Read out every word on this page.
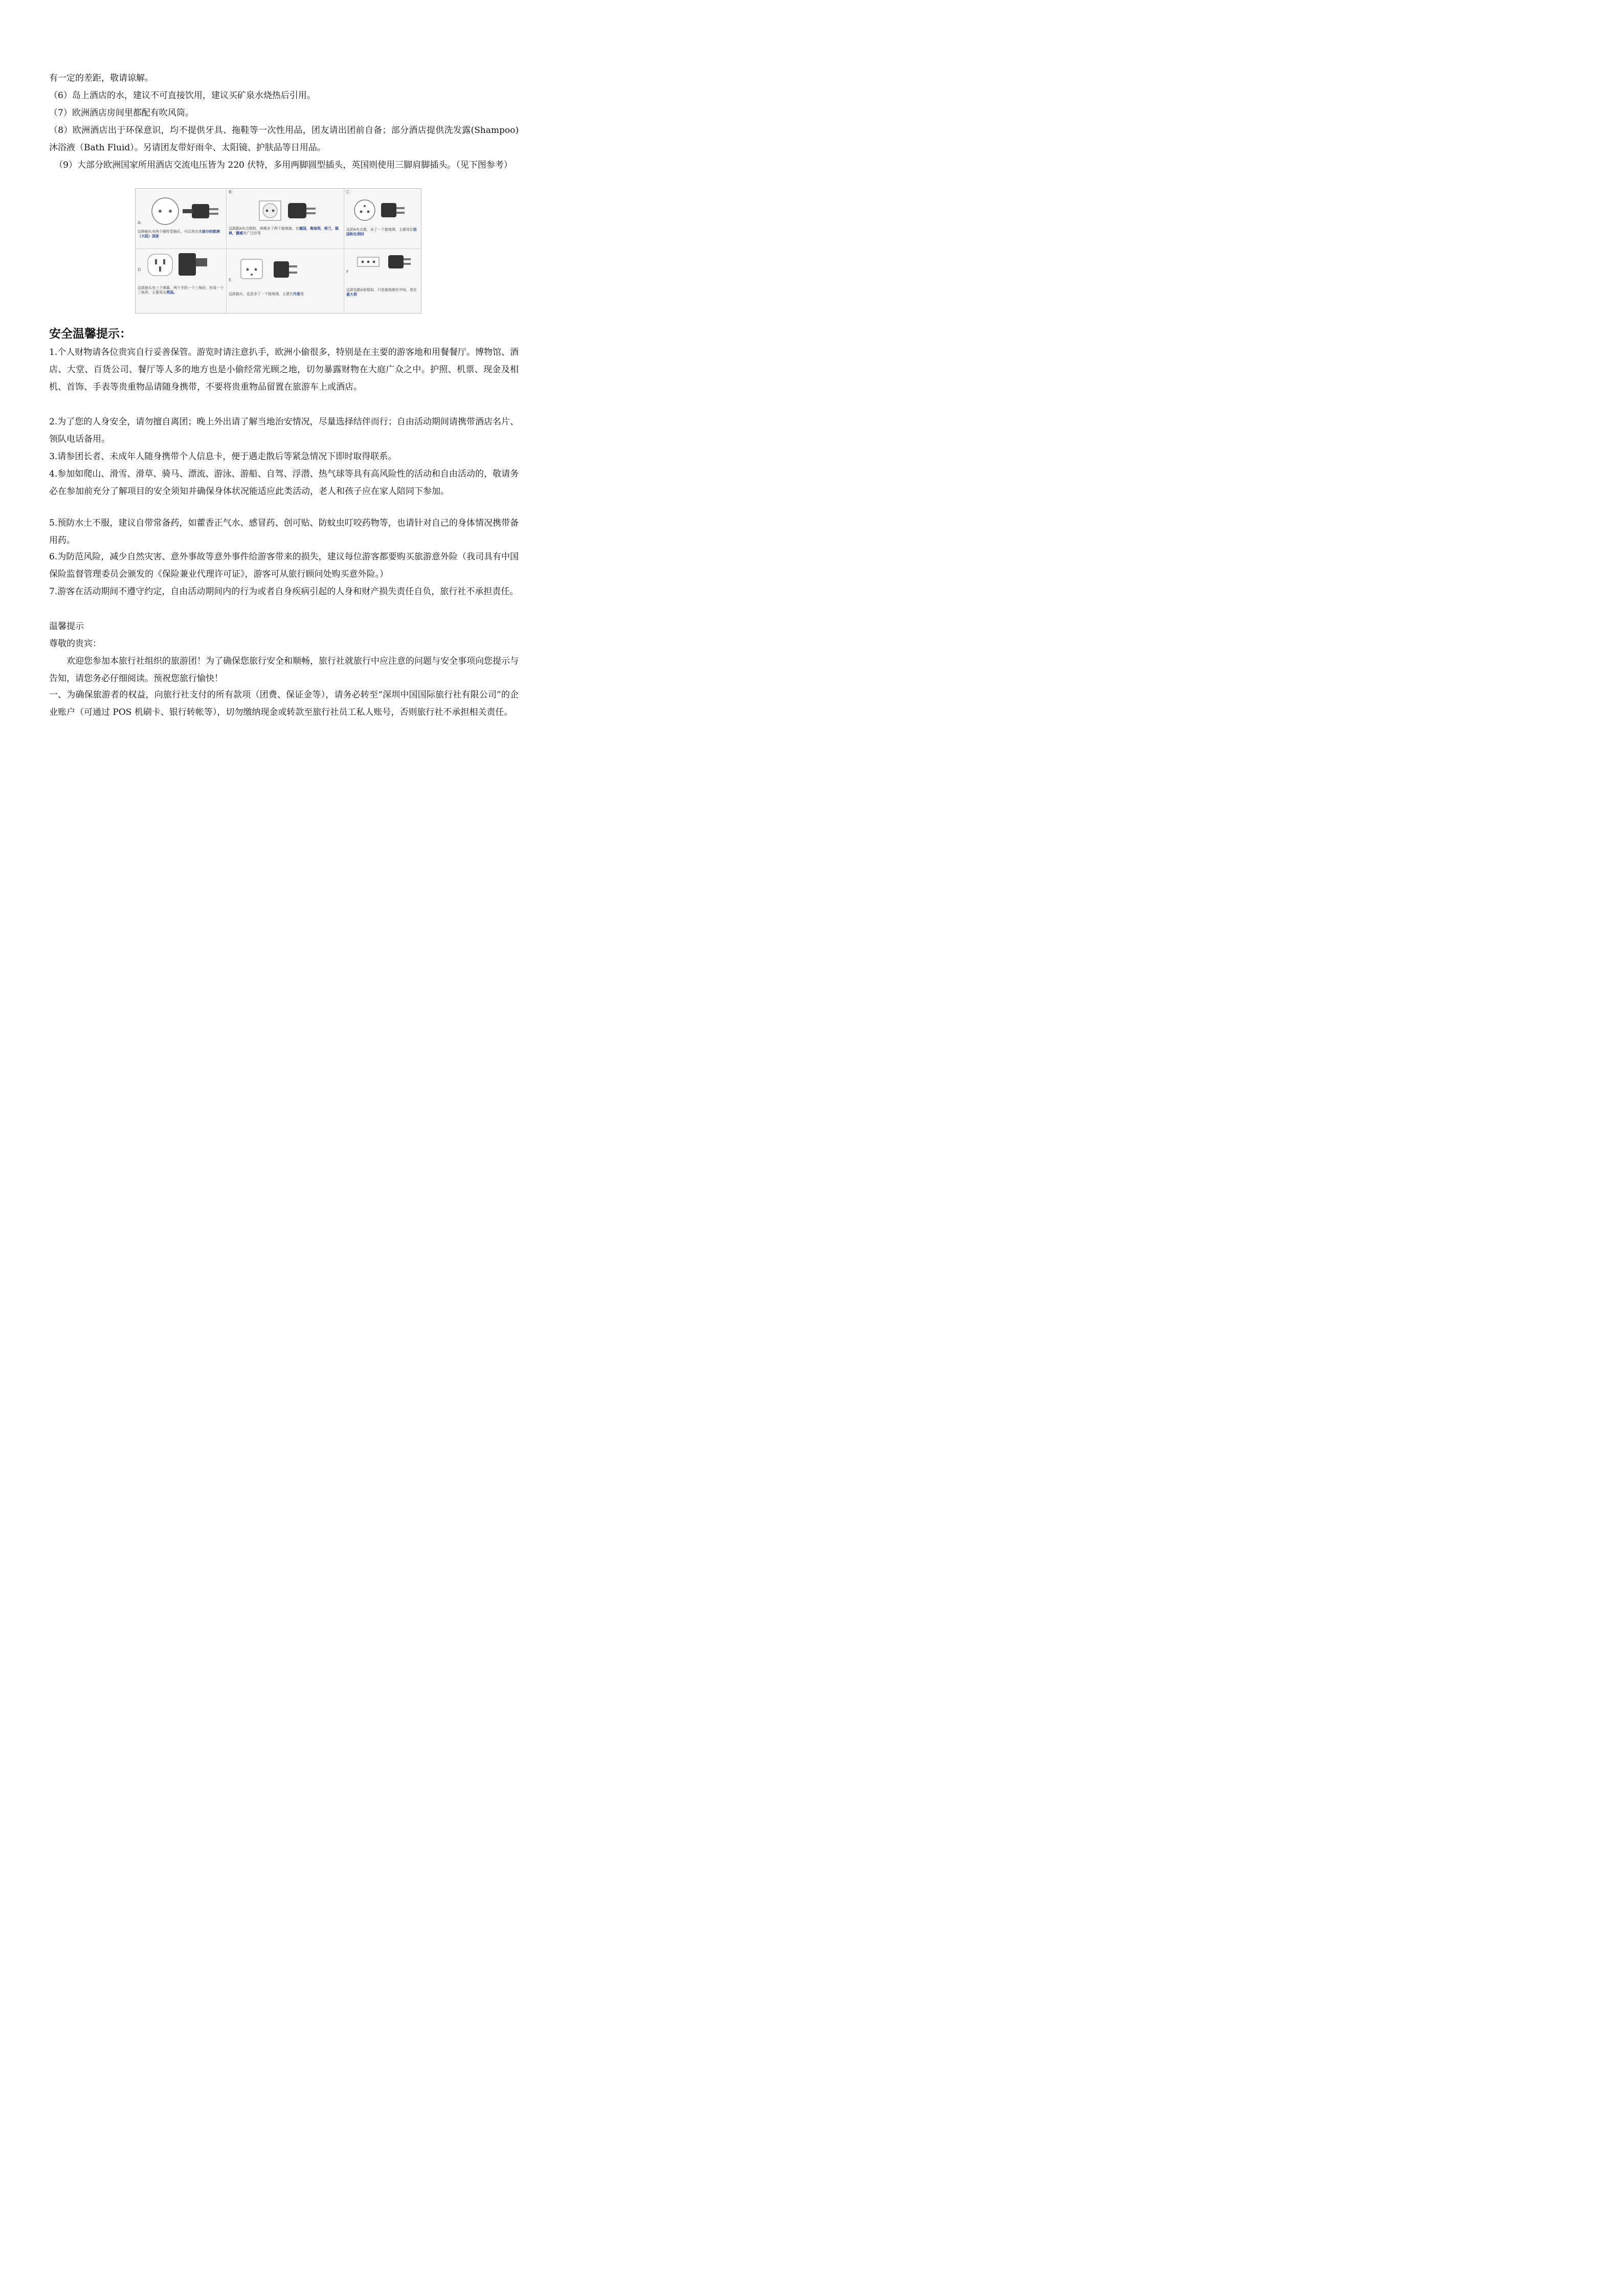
有一定的差距，敬请谅解。

（6）岛上酒店的水，建议不可直接饮用，建议买矿泉水烧热后引用。

（7）欧洲酒店房间里都配有吹风筒。

（8）欧洲酒店出于环保意识，均不提供牙具、拖鞋等一次性用品，团友请出团前自备；部分酒店提供洗发露(Shampoo)沐浴液（Bath Fluid）。另请团友带好雨伞、太阳镜、护肤品等日用品。

（9）大部分欧洲国家所用酒店交流电压皆为 220 伏特，多用两脚圆型插头，英国则使用三脚肩脚插头。（见下图参考）

A:
这种插头有两个圆柱型插孔，可以用在大部分的欧洲（大陆）国家
B:
这款跟A有点相似，两侧多了两个接地端，在德国，奥地利，荷兰，瑞典，挪威有广泛应用
C:
这款A有点像，多了一个接地端，主要用在法国和比利时
D
这款插头有三个弹簧，两个平的一个三角的，形成一个三角形，主要用在英国。
E
这款插头，也是多了一个接地端，主要在丹麦用
F
这款也跟A很相似，只是接地端在中间，用在意大利
安全温馨提示：

1.个人财物请各位贵宾自行妥善保管。游览时请注意扒手，欧洲小偷很多，特别是在主要的游客地和用餐餐厅。博物馆、酒店、大堂、百货公司、餐厅等人多的地方也是小偷经常光顾之地，切勿暴露财物在大庭广众之中。护照、机票、现金及相机、首饰、手表等贵重物品请随身携带，不要将贵重物品留置在旅游车上或酒店。

2.为了您的人身安全，请勿擅自离团；晚上外出请了解当地治安情况，尽量选择结伴而行；自由活动期间请携带酒店名片、领队电话备用。

3.请参团长者、未成年人随身携带个人信息卡，便于遇走散后等紧急情况下即时取得联系。

4.参加如爬山、滑雪、滑草、骑马、漂流、游泳、游船、自驾、浮潜、热气球等具有高风险性的活动和自由活动的，敬请务必在参加前充分了解项目的安全须知并确保身体状况能适应此类活动，老人和孩子应在家人陪同下参加。

5.预防水土不服，建议自带常备药，如藿香正气水、感冒药、创可贴、防蚊虫叮咬药物等，也请针对自己的身体情况携带备用药。

6.为防范风险，减少自然灾害、意外事故等意外事件给游客带来的损失，建议每位游客都要购买旅游意外险（我司具有中国保险监督管理委员会颁发的《保险兼业代理许可证》，游客可从旅行顾问处购买意外险。）

7.游客在活动期间不遵守约定，自由活动期间内的行为或者自身疾病引起的人身和财产损失责任自负，旅行社不承担责任。

温馨提示

尊敬的贵宾：

欢迎您参加本旅行社组织的旅游团！为了确保您旅行安全和顺畅，旅行社就旅行中应注意的问题与安全事项向您提示与告知，请您务必仔细阅读。预祝您旅行愉快！

一、为确保旅游者的权益，向旅行社支付的所有款项（团费、保证金等），请务必转至“深圳中国国际旅行社有限公司”的企业账户（可通过 POS 机刷卡、银行转帐等），切勿缴纳现金或转款至旅行社员工私人账号，否则旅行社不承担相关责任。
